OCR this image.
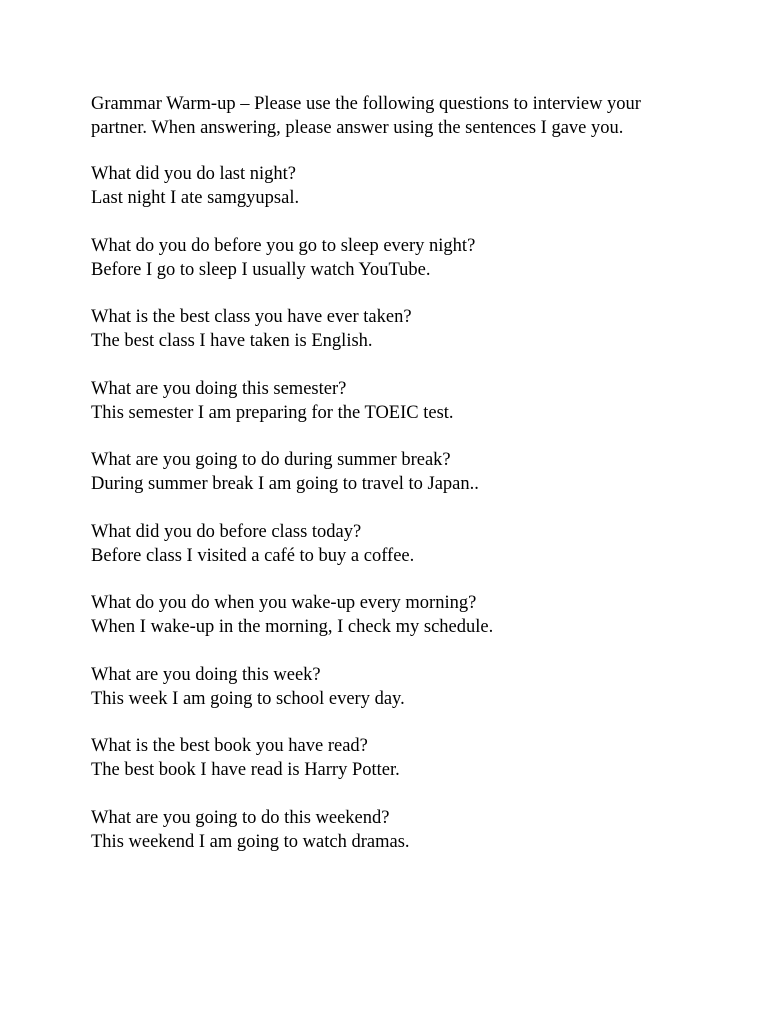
Grammar Warm-up – Please use the following questions to interview your partner. When answering, please answer using the sentences I gave you.

What did you do last night?

Last night I ate samgyupsal.

What do you do before you go to sleep every night?

Before I go to sleep I usually watch YouTube.

What is the best class you have ever taken?

The best class I have taken is English.

What are you doing this semester?

This semester I am preparing for the TOEIC test.

What are you going to do during summer break?

During summer break I am going to travel to Japan..

What did you do before class today?

Before class I visited a café to buy a coffee.

What do you do when you wake-up every morning?

When I wake-up in the morning, I check my schedule.

What are you doing this week?

This week I am going to school every day.

What is the best book you have read?

The best book I have read is Harry Potter.

What are you going to do this weekend?

This weekend I am going to watch dramas.
